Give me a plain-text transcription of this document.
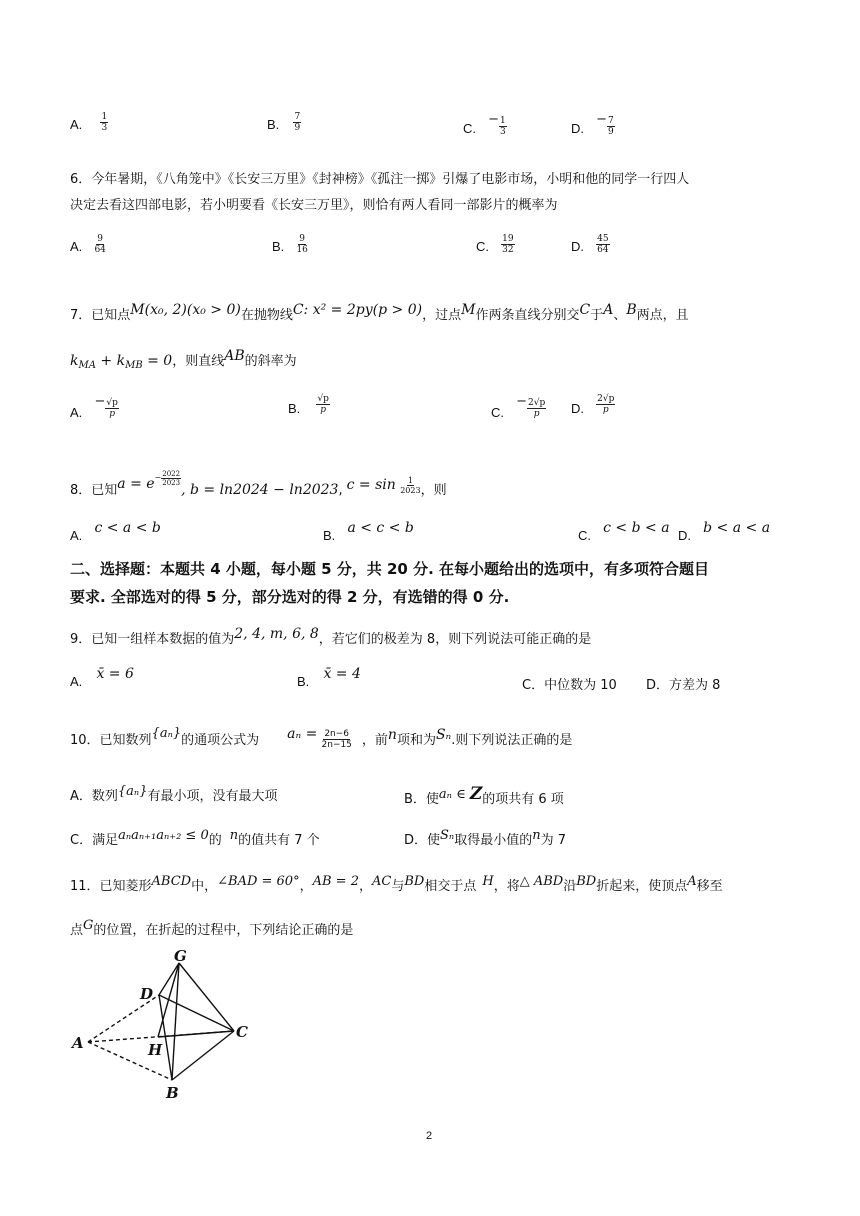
A. $\frac{1}{3}$	B. $\frac{7}{9}$	C. − $\frac{1}{3}$	D. − $\frac{7}{9}$
6．今年暑期，《八角笼中》《长安三万里》《封神榜》《孤注一掷》引爆了电影市场，小明和他的同学一行四人
决定去看这四部电影，若小明要看《长安三万里》，则恰有两人看同一部影片的概率为
A. $\frac{9}{64}$	B. $\frac{9}{16}$	C. $\frac{19}{32}$	D. $\frac{45}{64}$
7．已知点M(x₀, 2)(x₀ > 0)在抛物线C: x² = 2py(p > 0)，过点M作两条直线分别交C于A、B两点，且
$k_{MA} + k_{MB} = 0$，则直线AB的斜率为
A. − $\frac{√p}{p}$	B. $\frac{√p}{p}$	C. − $\frac{2√p}{p} D$. $\frac{2√p}{p}$
8．已知$a = e^- \frac{2022}{2023}$
, b = ln2024 − ln2023, $c = \sin \frac{1}{2023}$ ，则
A. c < a < b	B. a < c < b	C. c < b < a D. b < a < a
二、选择题：本题共 4 小题，每小题 5 分，共 20 分. 在每小题给出的选项中，有多项符合题目
要求. 全部选对的得 5 分，部分选对的得 2 分，有选错的得 0 分.
9．已知一组样本数据的值为2, 4, m, 6, 8，若它们的极差为 8，则下列说法可能正确的是
A. x̄ = 6	B. x̄ = 4
C．中位数为 10 D．方差为 8
10．已知数列{aₙ}的通项公式为 $a_n = \frac{2n-6}{2n-15}$ ，前n项和为Sₙ.则下列说法正确的是
A．数列{aₙ}有最小项，没有最大项	B．使aₙ ∈ Z的项共有 6 项
C．满足aₙaₙ₊₁aₙ₊₂ ≤ 0的 n的值共有 7 个	D．使Sₙ取得最小值的n为 7
11．已知菱形ABCD中，∠BAD = 60°，AB = 2，AC与BD相交于点 H，将△ ABD沿BD折起来，使顶点A移至
点G的位置，在折起的过程中，下列结论正确的是
G
D
A	H
C
B
2
